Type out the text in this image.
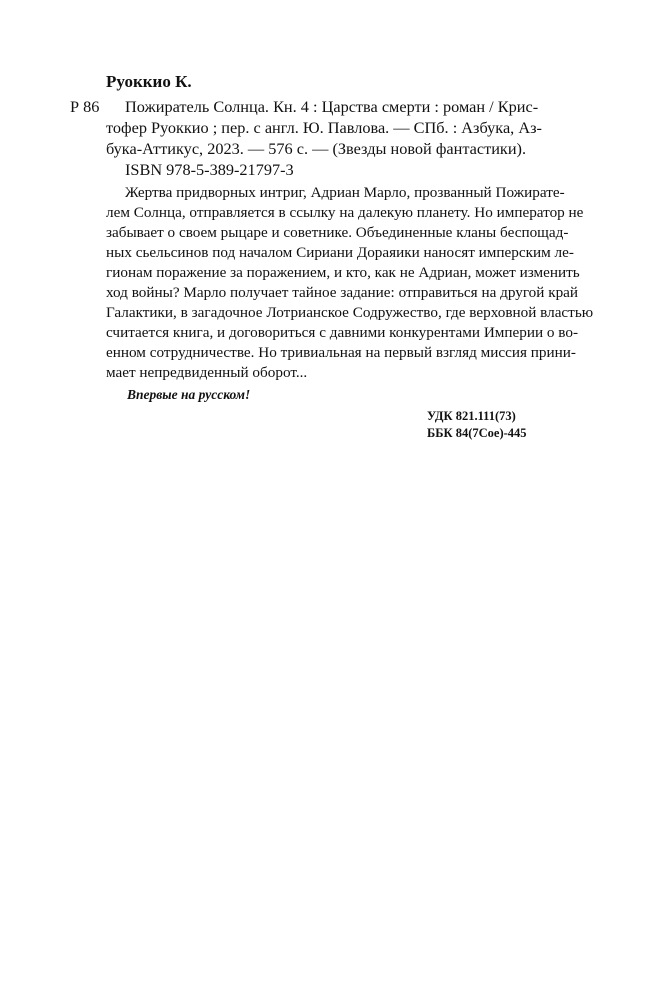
Руоккио К.
Р 86 Пожиратель Солнца. Кн. 4 : Царства смерти : роман / Крис-
тофер Руоккио ; пер. с англ. Ю. Павлова. — СПб. : Азбука, Аз-
бука-Аттикус, 2023. — 576 с. — (Звезды новой фантастики).
ISBN 978-5-389-21797-3
Жертва придворных интриг, Адриан Марло, прозванный Пожирате-
лем Солнца, отправляется в ссылку на далекую планету. Но император не
забывает о своем рыцаре и советнике. Объединенные кланы беспощад-
ных сьельсинов под началом Сириани Дораяики наносят имперским ле-
гионам поражение за поражением, и кто, как не Адриан, может изменить
ход войны? Марло получает тайное задание: отправиться на другой край
Галактики, в загадочное Лотрианское Содружество, где верховной властью
считается книга, и договориться с давними конкурентами Империи о во-
енном сотрудничестве. Но тривиальная на первый взгляд миссия прини-
мает непредвиденный оборот...
Впервые на русском!
УДК 821.111(73)
ББК 84(7Сое)-445
